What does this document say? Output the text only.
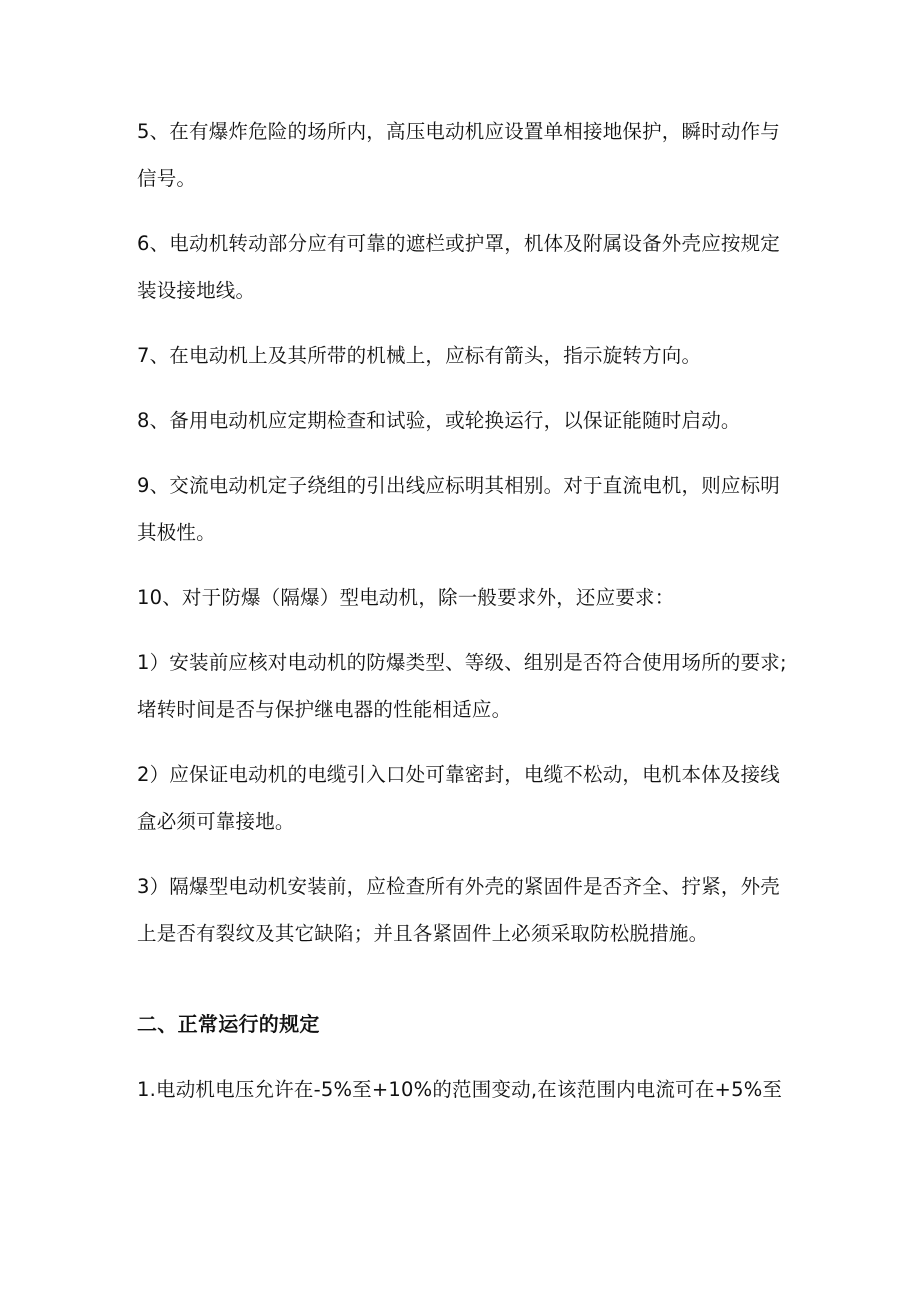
5、在有爆炸危险的场所内，高压电动机应设置单相接地保护，瞬时动作与信号。

6、电动机转动部分应有可靠的遮栏或护罩，机体及附属设备外壳应按规定装设接地线。

7、在电动机上及其所带的机械上，应标有箭头，指示旋转方向。

8、备用电动机应定期检查和试验，或轮换运行，以保证能随时启动。

9、交流电动机定子绕组的引出线应标明其相别。对于直流电机，则应标明其极性。

10、对于防爆（隔爆）型电动机，除一般要求外，还应要求：

1）安装前应核对电动机的防爆类型、等级、组别是否符合使用场所的要求;堵转时间是否与保护继电器的性能相适应。

2）应保证电动机的电缆引入口处可靠密封，电缆不松动，电机本体及接线盒必须可靠接地。

3）隔爆型电动机安装前，应检查所有外壳的紧固件是否齐全、拧紧，外壳上是否有裂纹及其它缺陷；并且各紧固件上必须采取防松脱措施。

二、正常运行的规定

1.电动机电压允许在-5%至+10%的范围变动,在该范围内电流可在+5%至
